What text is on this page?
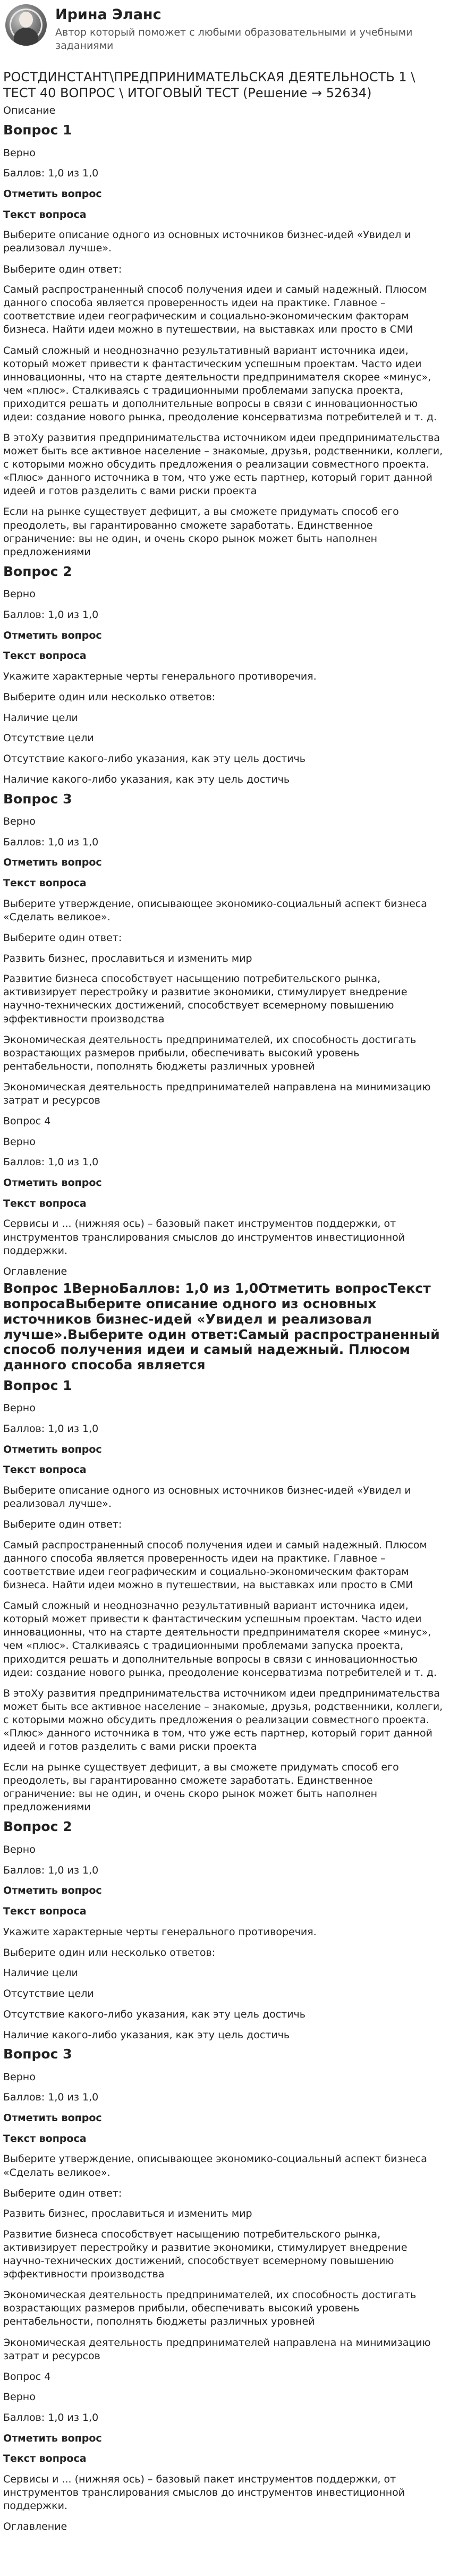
Ирина Эланс
Автор который поможет с любыми образовательными и учебными заданиями
РОСТДИНСТАНТ\ПРЕДПРИНИМАТЕЛЬСКАЯ ДЕЯТЕЛЬНОСТЬ 1 \ ТЕСТ 40 ВОПРОС \ ИТОГОВЫЙ ТЕСТ (Решение → 52634)
Описание
Вопрос 1
Верно
Баллов: 1,0 из 1,0
Отметить вопрос
Текст вопроса
Выберите описание одного из основных источников бизнес-идей «Увидел и реализовал лучше».
Выберите один ответ:
Самый распространенный способ получения идеи и самый надежный. Плюсом данного способа является проверенность идеи на практике. Главное – соответствие идеи географическим и социально-экономическим факторам бизнеса. Найти идеи можно в путешествии, на выставках или просто в СМИ
Самый сложный и неоднозначно результативный вариант источника идеи, который может привести к фантастическим успешным проектам. Часто идеи инновационны, что на старте деятельности предпринимателя скорее «минус», чем «плюс». Сталкиваясь с традиционными проблемами запуска проекта, приходится решать и дополнительные вопросы в связи с инновационностью идеи: создание нового рынка, преодоление консерватизма потребителей и т. д.
В этоХу развития предпринимательства источником идеи предпринимательства может быть все активное население – знакомые, друзья, родственники, коллеги, с которыми можно обсудить предложения о реализации совместного проекта. «Плюс» данного источника в том, что уже есть партнер, который горит данной идеей и готов разделить с вами риски проекта
Если на рынке существует дефицит, а вы сможете придумать способ его преодолеть, вы гарантированно сможете заработать. Единственное ограничение: вы не один, и очень скоро рынок может быть наполнен предложениями
Вопрос 2
Верно
Баллов: 1,0 из 1,0
Отметить вопрос
Текст вопроса
Укажите характерные черты генерального противоречия.
Выберите один или несколько ответов:
Наличие цели
Отсутствие цели
Отсутствие какого-либо указания, как эту цель достичь
Наличие какого-либо указания, как эту цель достичь
Вопрос 3
Верно
Баллов: 1,0 из 1,0
Отметить вопрос
Текст вопроса
Выберите утверждение, описывающее экономико-социальный аспект бизнеса «Сделать великое».
Выберите один ответ:
Развить бизнес, прославиться и изменить мир
Развитие бизнеса способствует насыщению потребительского рынка, активизирует перестройку и развитие экономики, стимулирует внедрение научно-технических достижений, способствует всемерному повышению эффективности производства
Экономическая деятельность предпринимателей, их способность достигать возрастающих размеров прибыли, обеспечивать высокий уровень рентабельности, пополнять бюджеты различных уровней
Экономическая деятельность предпринимателей направлена на минимизацию затрат и ресурсов
Вопрос 4
Верно
Баллов: 1,0 из 1,0
Отметить вопрос
Текст вопроса
Сервисы и ... (нижняя ось) – базовый пакет инструментов поддержки, от инструментов транслирования смыслов до инструментов инвестиционной поддержки.
Оглавление
Вопрос 1ВерноБаллов: 1,0 из 1,0Отметить вопросТекст вопросаВыберите описание одного из основных источников бизнес-идей «Увидел и реализовал лучше».Выберите один ответ:Самый распространенный способ получения идеи и самый надежный. Плюсом данного способа является
Вопрос 1
Верно
Баллов: 1,0 из 1,0
Отметить вопрос
Текст вопроса
Выберите описание одного из основных источников бизнес-идей «Увидел и реализовал лучше».
Выберите один ответ:
Самый распространенный способ получения идеи и самый надежный. Плюсом данного способа является проверенность идеи на практике. Главное – соответствие идеи географическим и социально-экономическим факторам бизнеса. Найти идеи можно в путешествии, на выставках или просто в СМИ
Самый сложный и неоднозначно результативный вариант источника идеи, который может привести к фантастическим успешным проектам. Часто идеи инновационны, что на старте деятельности предпринимателя скорее «минус», чем «плюс». Сталкиваясь с традиционными проблемами запуска проекта, приходится решать и дополнительные вопросы в связи с инновационностью идеи: создание нового рынка, преодоление консерватизма потребителей и т. д.
В этоХу развития предпринимательства источником идеи предпринимательства может быть все активное население – знакомые, друзья, родственники, коллеги, с которыми можно обсудить предложения о реализации совместного проекта. «Плюс» данного источника в том, что уже есть партнер, который горит данной идеей и готов разделить с вами риски проекта
Если на рынке существует дефицит, а вы сможете придумать способ его преодолеть, вы гарантированно сможете заработать. Единственное ограничение: вы не один, и очень скоро рынок может быть наполнен предложениями
Вопрос 2
Верно
Баллов: 1,0 из 1,0
Отметить вопрос
Текст вопроса
Укажите характерные черты генерального противоречия.
Выберите один или несколько ответов:
Наличие цели
Отсутствие цели
Отсутствие какого-либо указания, как эту цель достичь
Наличие какого-либо указания, как эту цель достичь
Вопрос 3
Верно
Баллов: 1,0 из 1,0
Отметить вопрос
Текст вопроса
Выберите утверждение, описывающее экономико-социальный аспект бизнеса «Сделать великое».
Выберите один ответ:
Развить бизнес, прославиться и изменить мир
Развитие бизнеса способствует насыщению потребительского рынка, активизирует перестройку и развитие экономики, стимулирует внедрение научно-технических достижений, способствует всемерному повышению эффективности производства
Экономическая деятельность предпринимателей, их способность достигать возрастающих размеров прибыли, обеспечивать высокий уровень рентабельности, пополнять бюджеты различных уровней
Экономическая деятельность предпринимателей направлена на минимизацию затрат и ресурсов
Вопрос 4
Верно
Баллов: 1,0 из 1,0
Отметить вопрос
Текст вопроса
Сервисы и ... (нижняя ось) – базовый пакет инструментов поддержки, от инструментов транслирования смыслов до инструментов инвестиционной поддержки.
Оглавление
